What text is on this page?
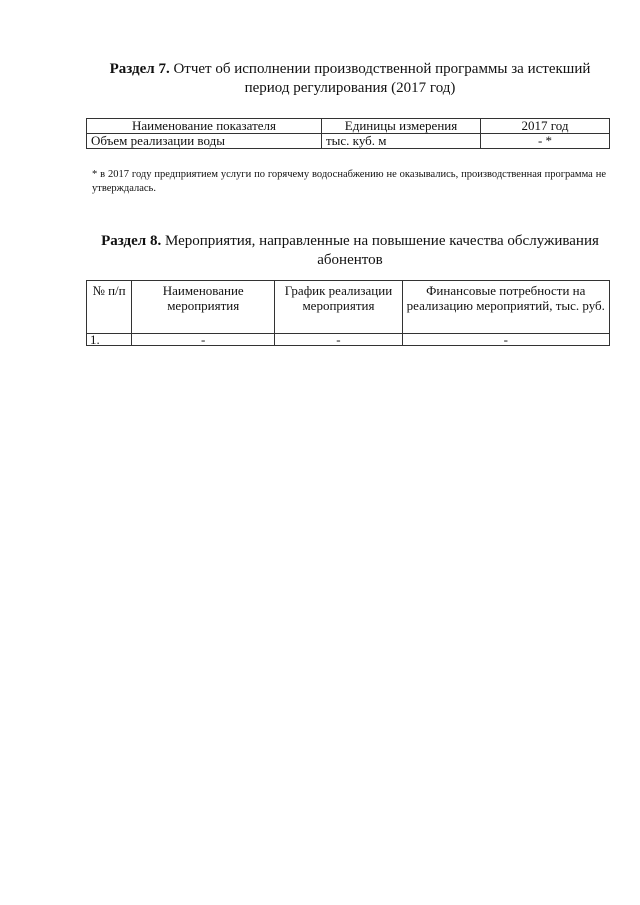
Раздел 7. Отчет об исполнении производственной программы за истекший период регулирования (2017 год)
Наименование показателя	Единицы измерения	2017 год
Объем реализации воды	тыс. куб. м	- *
* в 2017 году предприятием услуги по горячему водоснабжению не оказывались, производственная программа не утверждалась.
Раздел 8. Мероприятия, направленные на повышение качества обслуживания абонентов
№ п/п	Наименование мероприятия	График реализации мероприятия	Финансовые потребности на реализацию мероприятий, тыс. руб.
1.	-	-	-
